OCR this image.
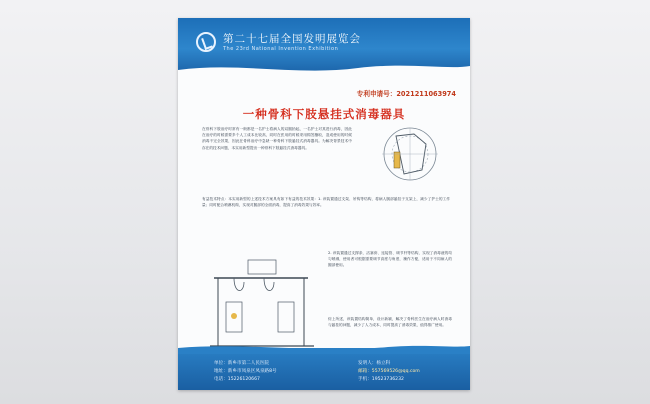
第二十七届全国发明展览会
The 23rd National Invention Exhibition
专利申请号：2021211063974
一种骨科下肢悬挂式消毒器具
在骨科下肢治疗时常有一般都是一名护士将病人的双腿抬起，一名护士对其进行消毒，因此在治疗的时候需要多个人工成本比较高，同时在医用的时候采用棉签蘸取，造成使用的时候消毒不完全效果，因此在骨科治疗中急缺一种骨科下肢悬挂式消毒器具。为解决背景技术中存在的技术问题，本实用新型提出一种骨科下肢悬挂式消毒器具。
有益技术特点：本实用新型的上述技术方案具有如下有益的技术效果：1. 该装置通过支架、吊钩等结构，将病人腿部悬挂于支架上，减少了护士的工作量；同时配合喷淋机构，实现对腿部的全面消毒，提高了消毒效果与效率。
2. 该装置通过支撑条、活塞套、连接管、调节杆等结构，实现了消毒液的均匀喷淋，使用者可根据需要调节高度与角度，操作方便，适用于不同病人的腿部使用。
综上所述，该装置结构简单，设计新颖，解决了骨科医生在治疗病人时消毒与悬挂的问题，减少了人力成本，同时提高了消毒效果，值得推广使用。
单位：新乡市第二人民医院
地址：新乡市凤泉区凤泉路8号
电话：15226120667
发明人：杨立科
邮箱：557569526@qq.com
手机：19523736232
